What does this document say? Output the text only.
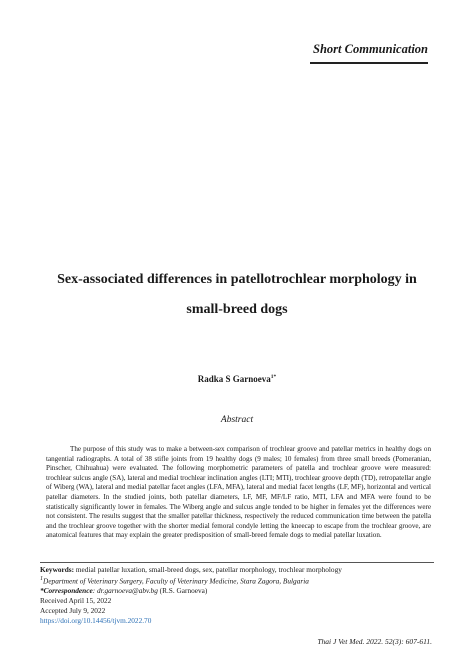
Short Communication
Sex-associated differences in patellotrochlear morphology in
small-breed dogs
Radka S Garnoeva$^{1*}$
Abstract
The purpose of this study was to make a between-sex comparison of trochlear groove and patellar metrics in healthy dogs on tangential radiographs. A total of 38 stifle joints from 19 healthy dogs (9 males; 10 females) from three small breeds (Pomeranian, Pinscher, Chihuahua) were evaluated. The following morphometric parameters of patella and trochlear groove were measured: trochlear sulcus angle (SA), lateral and medial trochlear inclination angles (LTI; MTI), trochlear groove depth (TD), retropatellar angle of Wiberg (WA), lateral and medial patellar facet angles (LFA, MFA), lateral and medial facet lengths (LF, MF), horizontal and vertical patellar diameters. In the studied joints, both patellar diameters, LF, MF, MF/LF ratio, MTI, LFA and MFA were found to be statistically significantly lower in females. The Wiberg angle and sulcus angle tended to be higher in females yet the differences were not consistent. The results suggest that the smaller patellar thickness, respectively the reduced communication time between the patella and the trochlear groove together with the shorter medial femoral condyle letting the kneecap to escape from the trochlear groove, are anatomical features that may explain the greater predisposition of small-breed female dogs to medial patellar luxation.
Keywords: medial patellar luxation, small-breed dogs, sex, patellar morphology, trochlear morphology
$^1$Department of Veterinary Surgery, Faculty of Veterinary Medicine, Stara Zagora, Bulgaria
*Correspondence: dr.garnoeva@abv.bg (R.S. Garnoeva)
Received April 15, 2022
Accepted July 9, 2022
https://doi.org/10.14456/tjvm.2022.70
Thai J Vet Med. 2022. 52(3): 607-611.
